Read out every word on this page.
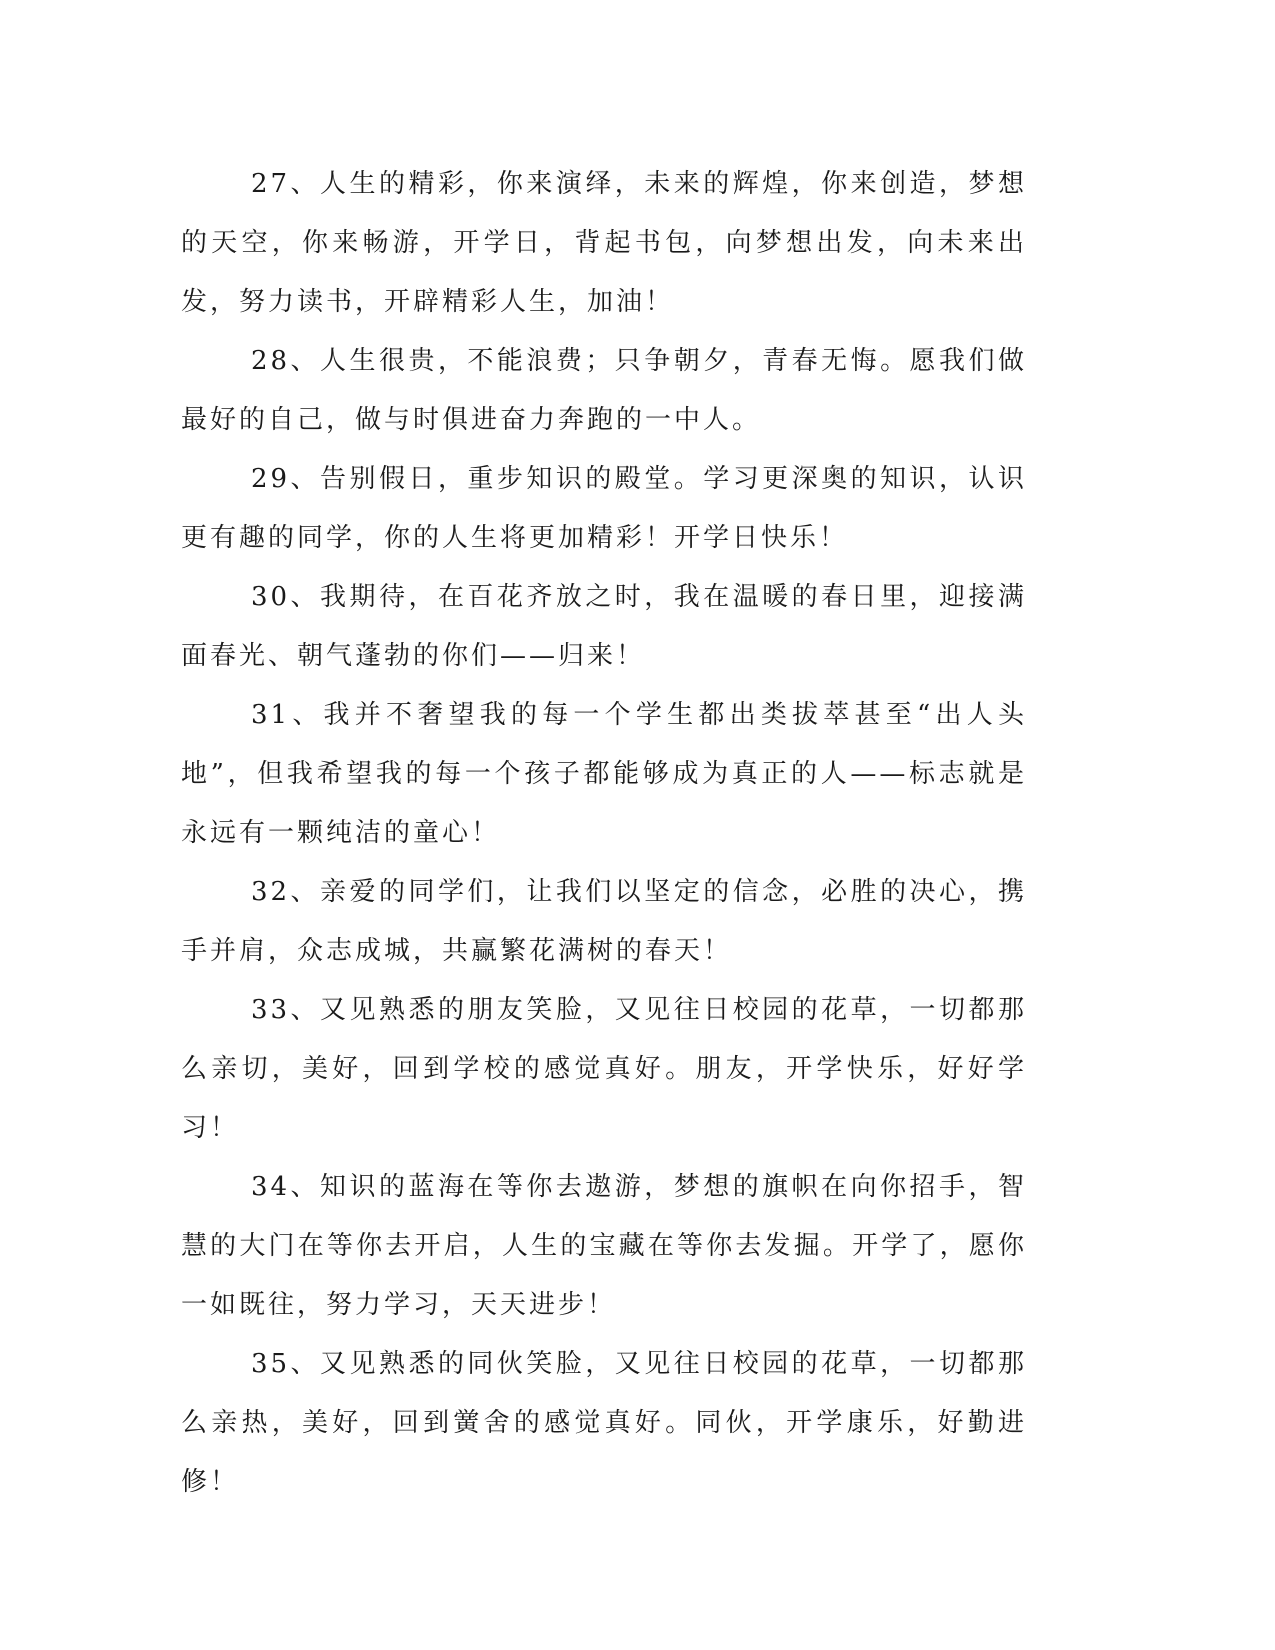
27、人生的精彩，你来演绎，未来的辉煌，你来创造，梦想的天空，你来畅游，开学日，背起书包，向梦想出发，向未来出发，努力读书，开辟精彩人生，加油！

28、人生很贵，不能浪费；只争朝夕，青春无悔。愿我们做最好的自己，做与时俱进奋力奔跑的一中人。

29、告别假日，重步知识的殿堂。学习更深奥的知识，认识更有趣的同学，你的人生将更加精彩！开学日快乐！

30、我期待，在百花齐放之时，我在温暖的春日里，迎接满面春光、朝气蓬勃的你们——归来！

31、我并不奢望我的每一个学生都出类拔萃甚至“出人头地”，但我希望我的每一个孩子都能够成为真正的人——标志就是永远有一颗纯洁的童心！

32、亲爱的同学们，让我们以坚定的信念，必胜的决心，携手并肩，众志成城，共赢繁花满树的春天！

33、又见熟悉的朋友笑脸，又见往日校园的花草，一切都那么亲切，美好，回到学校的感觉真好。朋友，开学快乐，好好学习！

34、知识的蓝海在等你去遨游，梦想的旗帜在向你招手，智慧的大门在等你去开启，人生的宝藏在等你去发掘。开学了，愿你一如既往，努力学习，天天进步！

35、又见熟悉的同伙笑脸，又见往日校园的花草，一切都那么亲热，美好，回到黉舍的感觉真好。同伙，开学康乐，好勤进修！
